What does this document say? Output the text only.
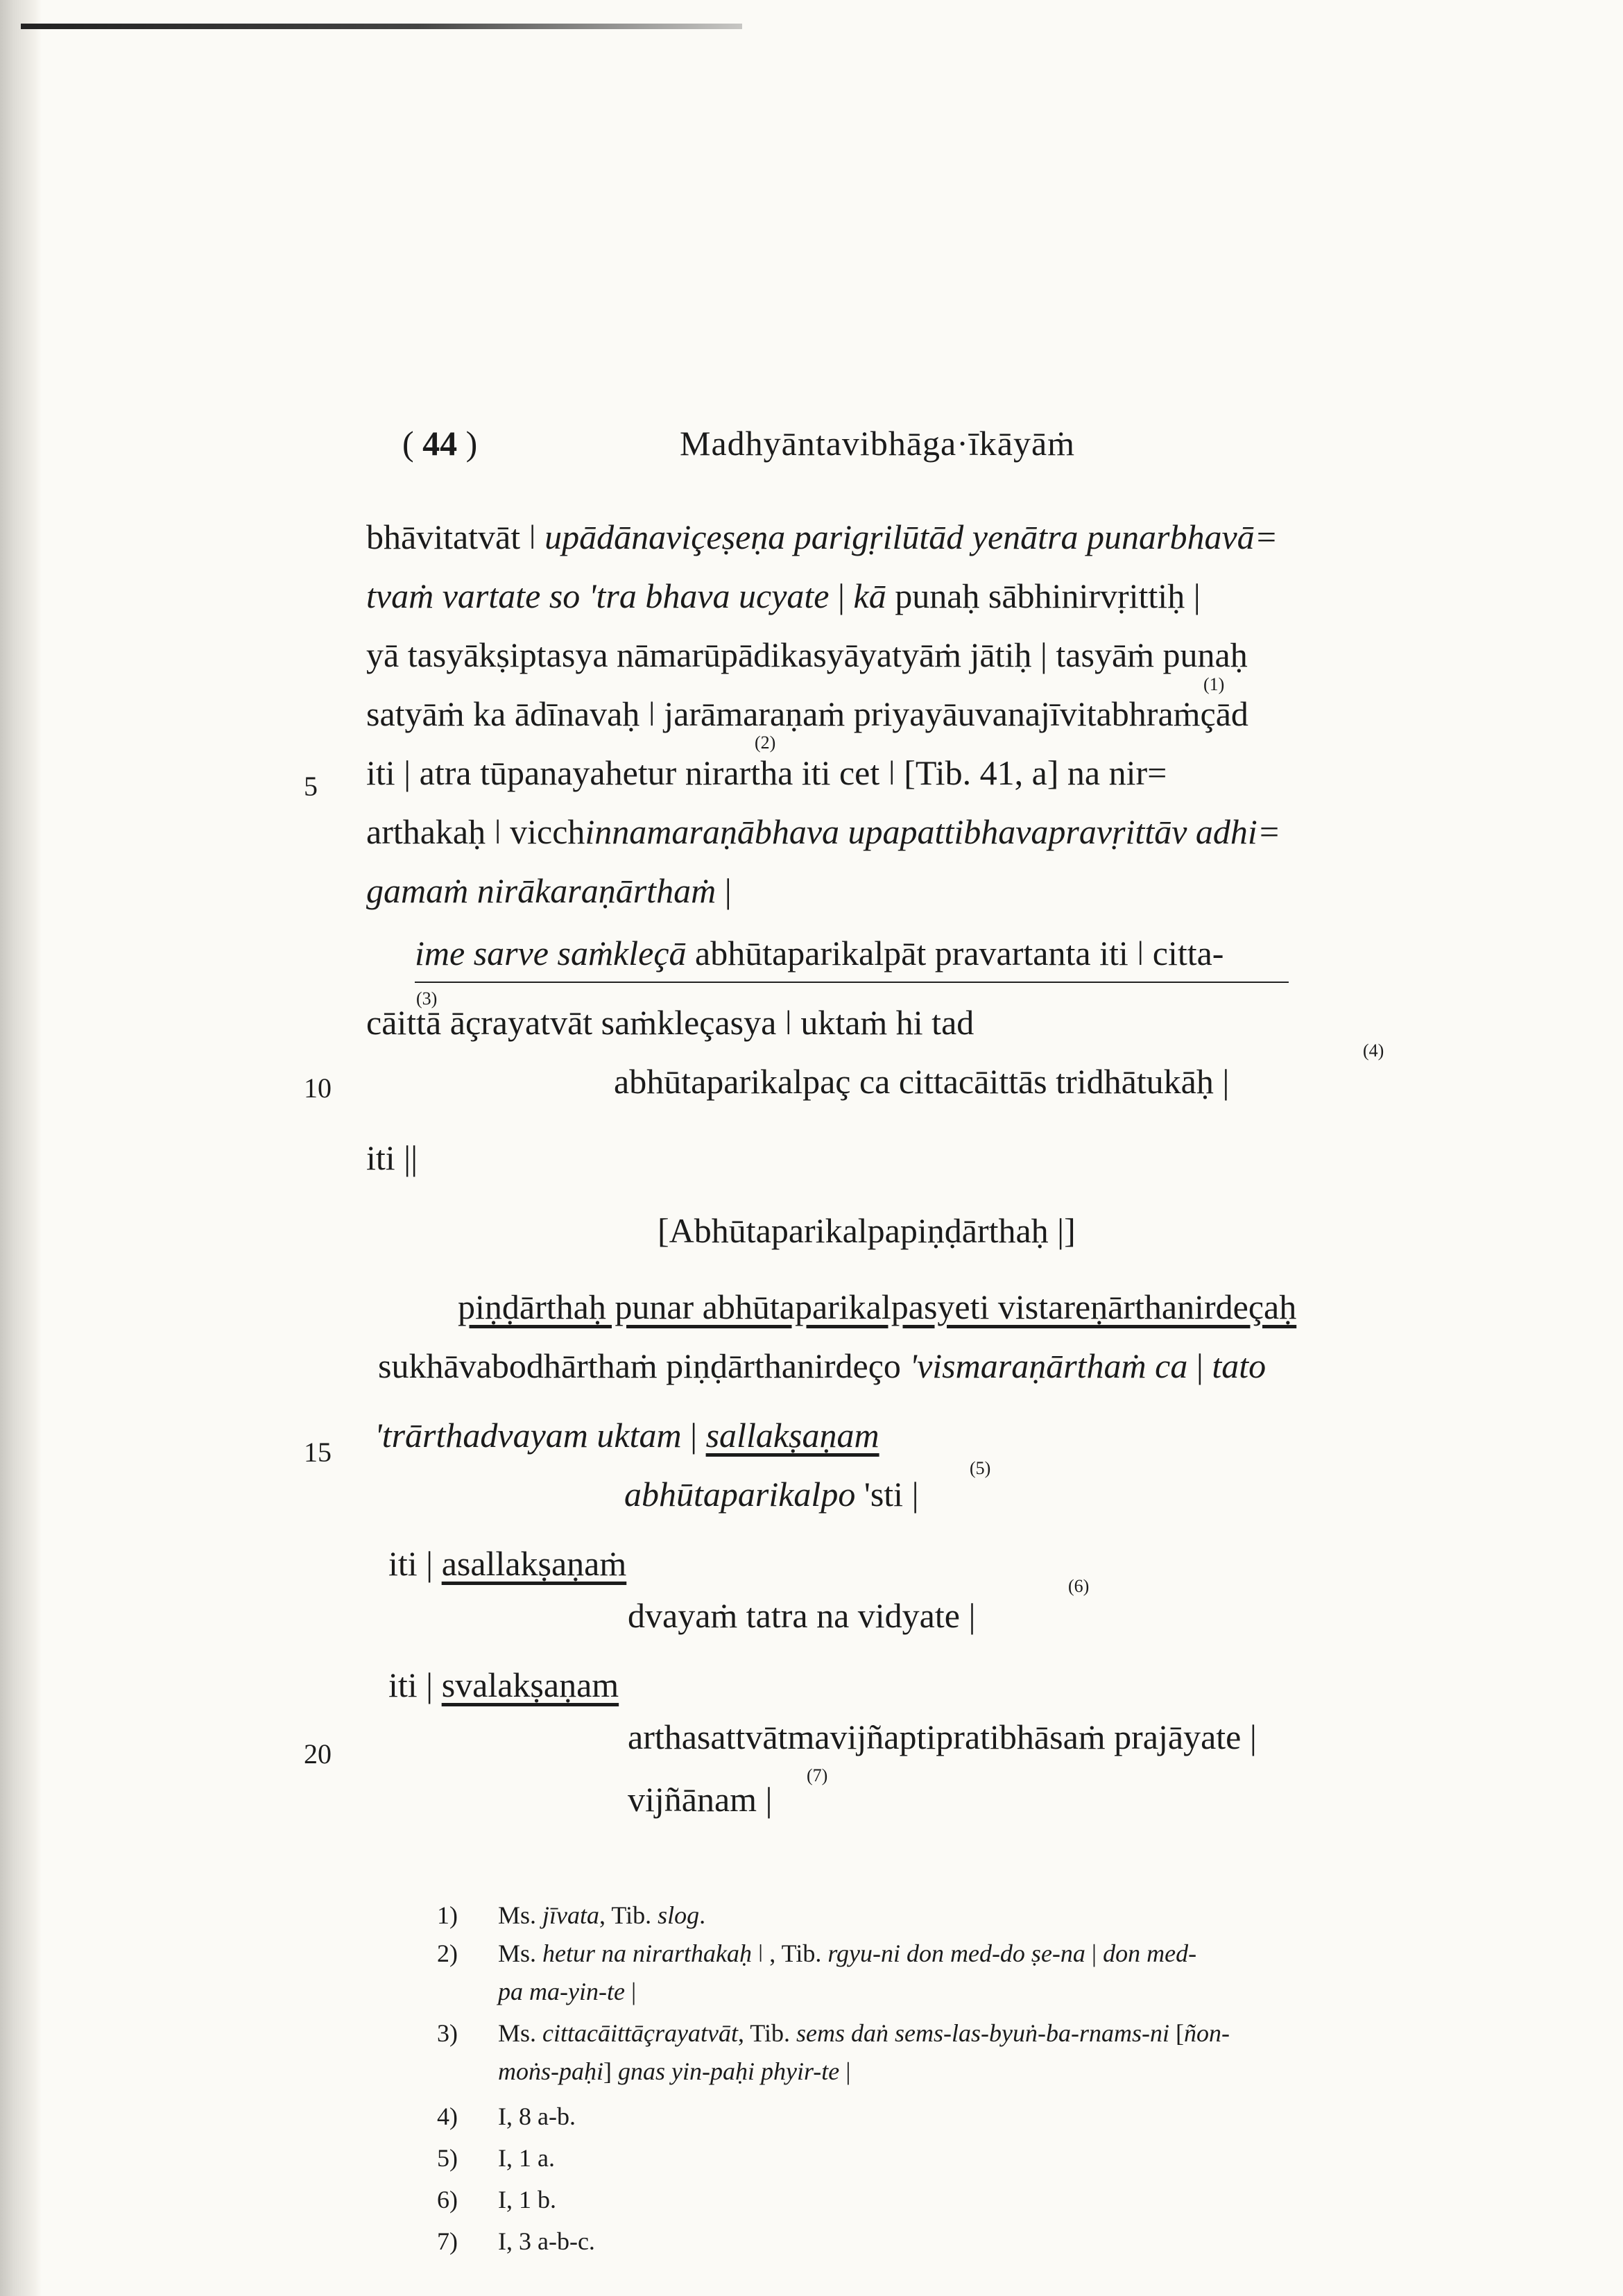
( 44 )	Madhyāntavibhāga·īkāyāṁ
bhāvitatvāt ǀ upādānaviçeṣeṇa parigṛilūtād yenātra punarbhavā=
tvaṁ vartate so 'tra bhava ucyate | kā punaḥ sābhinirvṛittiḥ |
yā tasyākṣiptasya nāmarūpādikasyāyatyāṁ jātiḥ | tasyāṁ punaḥ
satyāṁ ka ādīnavaḥ ǀ jarāmaraṇaṁ priyayāuvanajīvitabhraṁçād
(1)
5
(2)
iti | atra tūpanayahetur nirartha iti cet ǀ [Tib. 41, a] na nir=
arthakaḥ ǀ vicchinnamaraṇābhava upapattibhavapravṛittāv adhi=
gamaṁ nirākaraṇārthaṁ |
ime sarve saṁkleçā abhūtaparikalpāt pravartanta iti ǀ citta-
(3)
cāittā āçrayatvāt saṁkleçasya ǀ uktaṁ hi tad
(4)
10	abhūtaparikalpaç ca cittacāittās tridhātukāḥ |
iti ||
[Abhūtaparikalpapiṇḍārthaḥ |]
piṇḍārthaḥ punar abhūtaparikalpasyeti vistareṇārthanirdeçaḥ
sukhāvabodhārthaṁ piṇḍārthanirdeço 'vismaraṇārthaṁ ca | tato
15 'trārthadvayam uktam | sallakṣaṇam
(5)
abhūtaparikalpo 'sti |
iti | asallakṣaṇaṁ
(6)
dvayaṁ tatra na vidyate |
iti | svalakṣaṇam
20	arthasattvātmavijñaptipratibhāsaṁ prajāyate |
(7)
vijñānam |
1) Ms. jīvata, Tib. slog.
2) Ms. hetur na nirarthakaḥ ǀ , Tib. rgyu-ni don med-do ṣe-na | don med-
pa ma-yin-te |
3) Ms. cittacāittāçrayatvāt, Tib. sems daṅ sems-las-byuṅ-ba-rnams-ni [ñon-
moṅs-paḥi] gnas yin-paḥi phyir-te |
4) I, 8 a-b.
5) I, 1 a.
6) I, 1 b.
7) I, 3 a-b-c.
